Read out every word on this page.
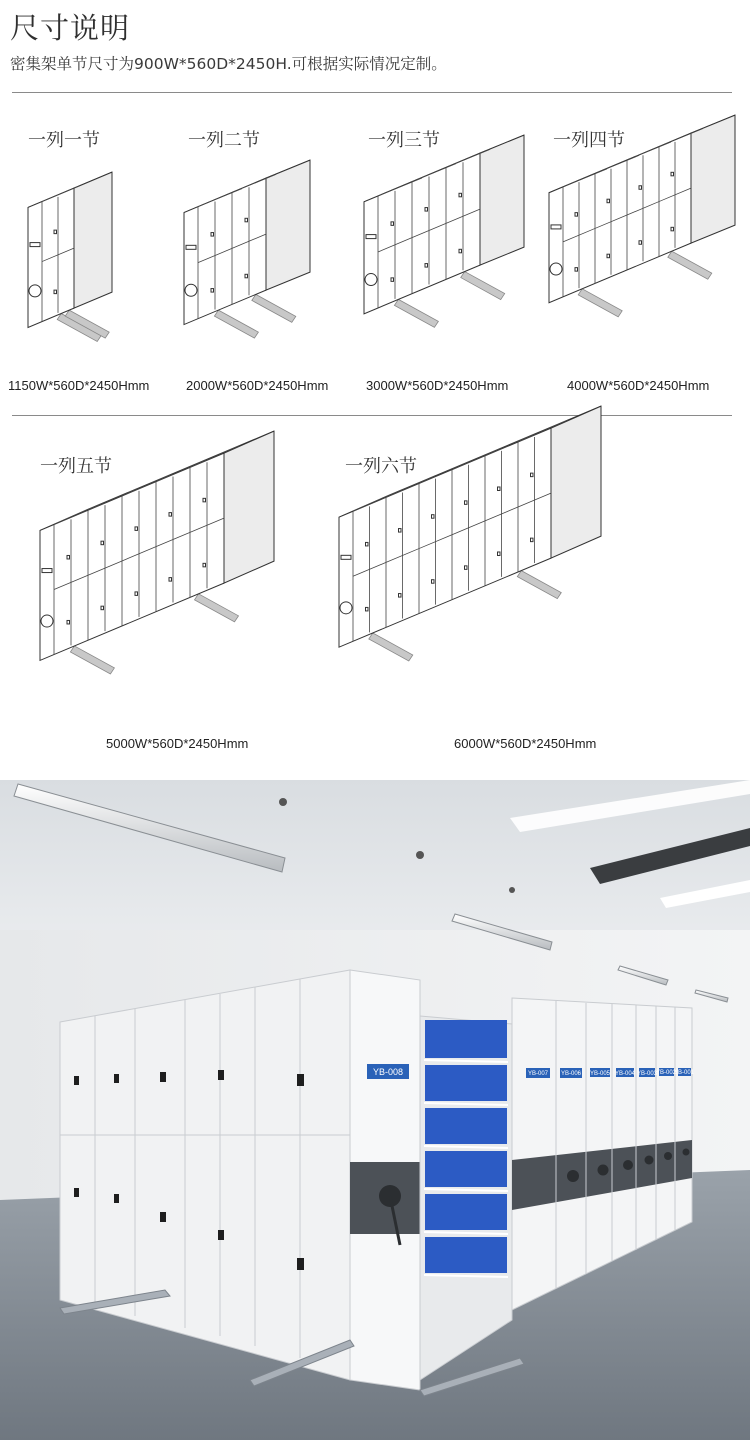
尺寸说明
密集架单节尺寸为900W*560D*2450H.可根据实际情况定制。
一列一节	一列二节	一列三节	一列四节
1150W*560D*2450Hmm	2000W*560D*2450Hmm	3000W*560D*2450Hmm	4000W*560D*2450Hmm
一列五节	一列六节
5000W*560D*2450Hmm	6000W*560D*2450Hmm
YB-008	YB-007 YB-006 YB-005 YB-004 YB-003
YB-002
YB-001
